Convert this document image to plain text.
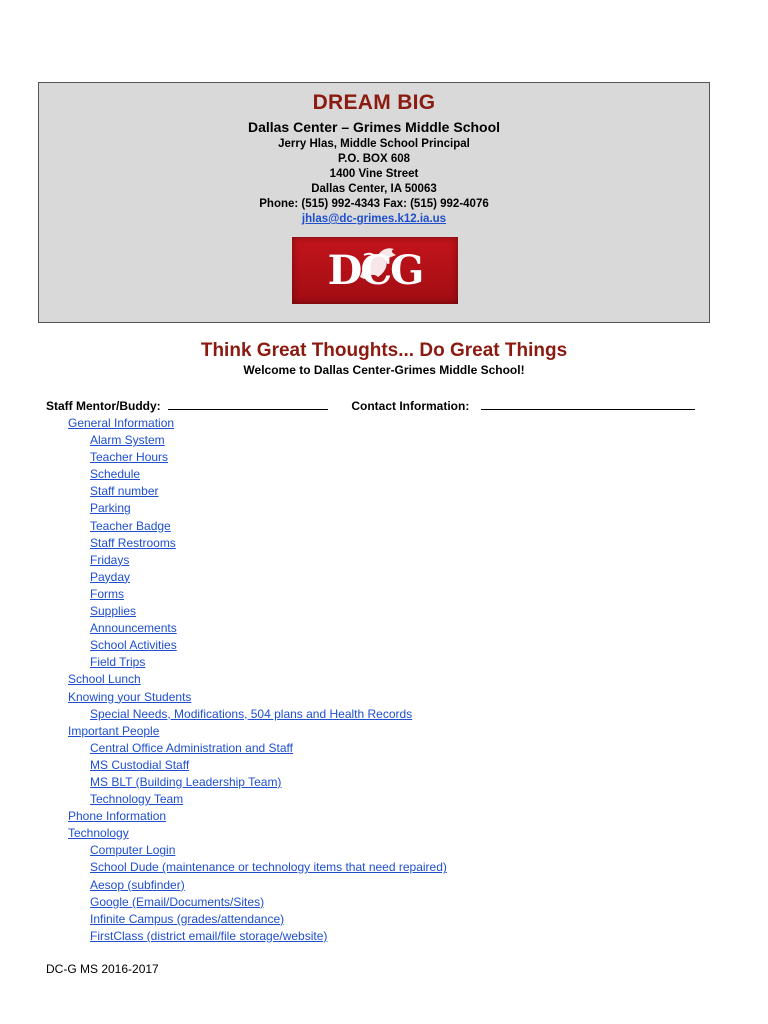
DREAM BIG
Dallas Center – Grimes Middle School
Jerry Hlas, Middle School Principal
P.O. BOX 608
1400 Vine Street
Dallas Center, IA 50063
Phone: (515) 992-4343 Fax: (515) 992-4076
jhlas@dc-grimes.k12.ia.us
DCG
Think Great Thoughts... Do Great Things
Welcome to Dallas Center-Grimes Middle School!
Staff Mentor/Buddy:	Contact Information:
General Information
Alarm System
Teacher Hours
Schedule
Staff number
Parking
Teacher Badge
Staff Restrooms
Fridays
Payday
Forms
Supplies
Announcements
School Activities
Field Trips
School Lunch
Knowing your Students
Special Needs, Modifications, 504 plans and Health Records
Important People
Central Office Administration and Staff
MS Custodial Staff
MS BLT (Building Leadership Team)
Technology Team
Phone Information
Technology
Computer Login
School Dude (maintenance or technology items that need repaired)
Aesop (subfinder)
Google (Email/Documents/Sites)
Infinite Campus (grades/attendance)
FirstClass (district email/file storage/website)
DC-G MS 2016-2017
